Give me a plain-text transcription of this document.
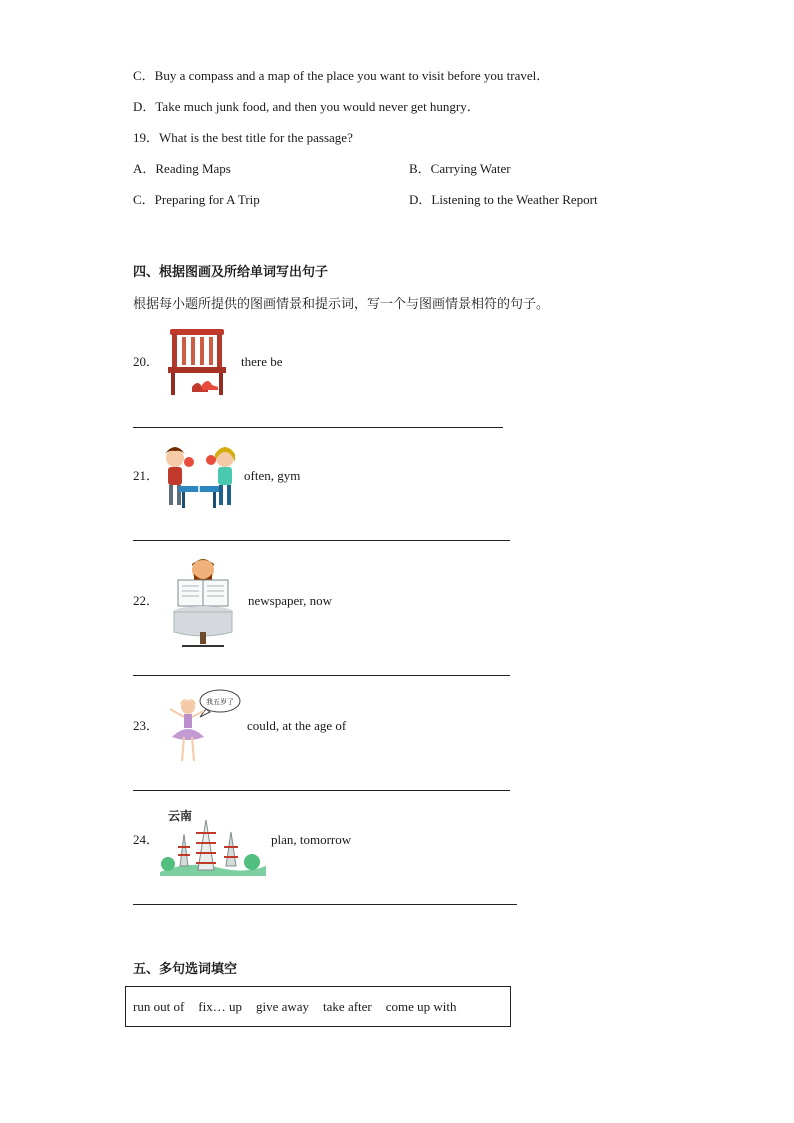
C．Buy a compass and a map of the place you want to visit before you travel．
D．Take much junk food, and then you would never get hungry．
19．What is the best title for the passage?
A．Reading Maps	B．Carrying Water
C．Preparing for A Trip	D．Listening to the Weather Report
四、根据图画及所给单词写出句子
根据每小题所提供的图画情景和提示词，写一个与图画情景相符的句子。
20．	there be
21．	often, gym
22．	newspaper, now
23．
我五岁了
could, at the age of
24．
云南
plan, tomorrow
五、多句选词填空
run out of fix… up give away take after come up with
